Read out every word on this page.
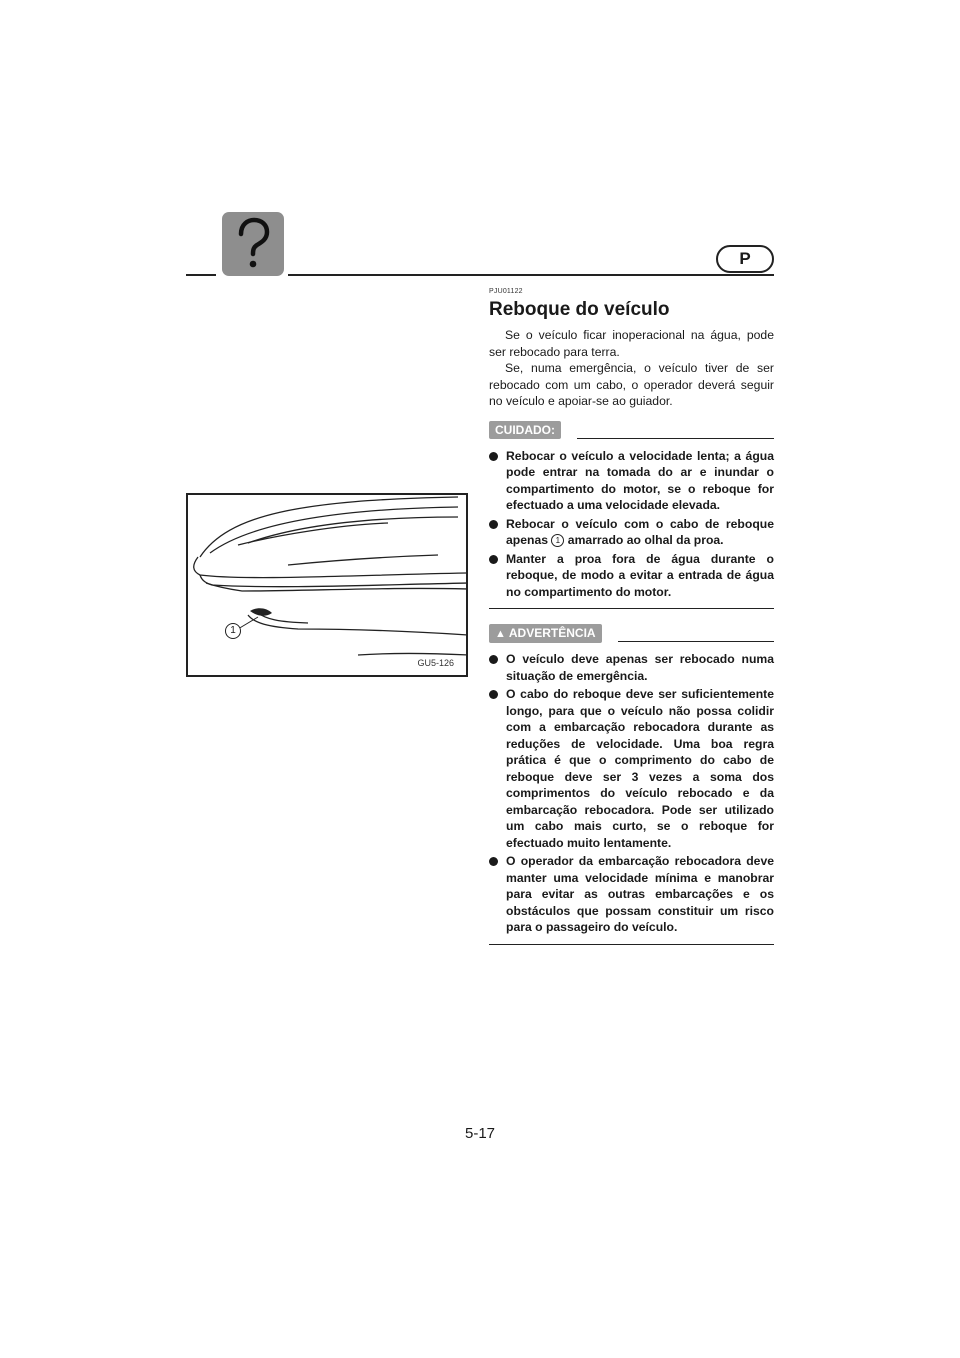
P
1
GU5-126
PJU01122
Reboque do veículo

Se o veículo ficar inoperacional na água, pode ser rebocado para terra.

Se, numa emergência, o veículo tiver de ser rebocado com um cabo, o operador deverá seguir no veículo e apoiar-se ao guiador.

CUIDADO:
Rebocar o veículo a velocidade lenta; a água pode entrar na tomada do ar e inundar o compartimento do motor, se o reboque for efectuado a uma velocidade elevada.
Rebocar o veículo com o cabo de reboque apenas 1 amarrado ao olhal da proa.
Manter a proa fora de água durante o reboque, de modo a evitar a entrada de água no compartimento do motor.
▲ ADVERTÊNCIA
O veículo deve apenas ser rebocado numa situação de emergência.
O cabo do reboque deve ser suficientemente longo, para que o veículo não possa colidir com a embarcação rebocadora durante as reduções de velocidade. Uma boa regra prática é que o comprimento do cabo de reboque deve ser 3 vezes a soma dos comprimentos do veículo rebocado e da embarcação rebocadora. Pode ser utilizado um cabo mais curto, se o reboque for efectuado muito lentamente.
O operador da embarcação rebocadora deve manter uma velocidade mínima e manobrar para evitar as outras embarcações e os obstáculos que possam constituir um risco para o passageiro do veículo.
5-17
